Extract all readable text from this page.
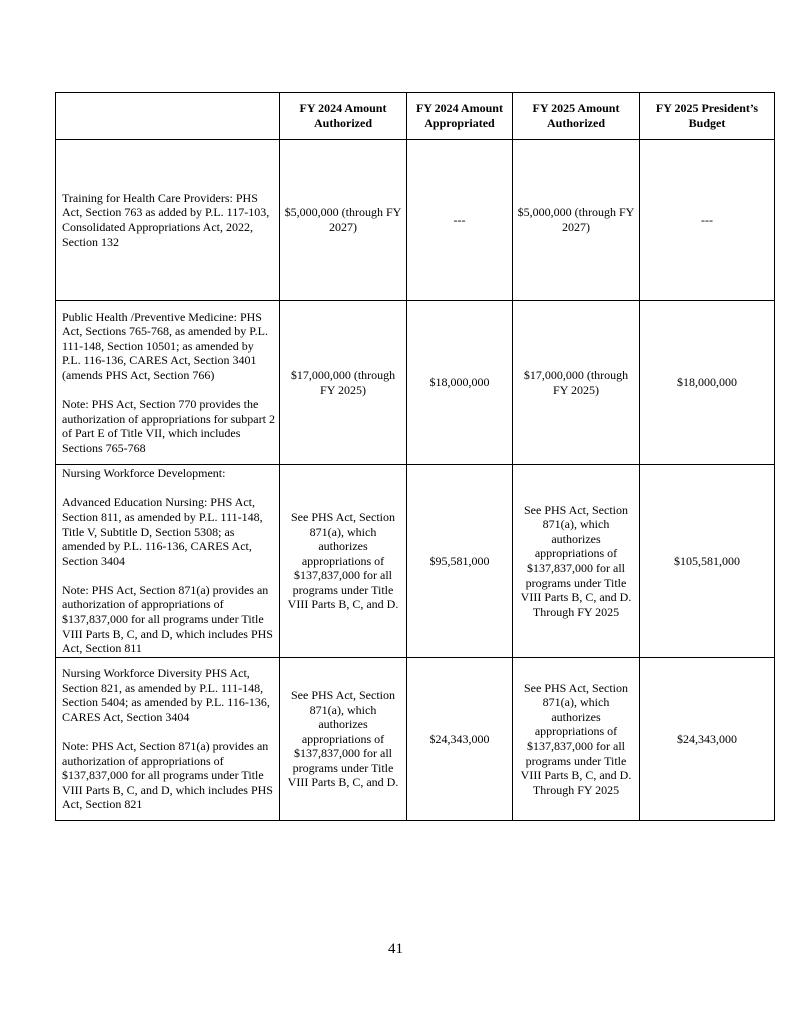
	FY 2024 Amount Authorized	FY 2024 Amount Appropriated	FY 2025 Amount Authorized	FY 2025 President’s Budget

Training for Health Care Providers: PHS Act, Section 763 as added by P.L. 117-103, Consolidated Appropriations Act, 2022, Section 132	$5,000,000 (through FY 2027)	---	$5,000,000 (through FY 2027)	---

Public Health /Preventive Medicine: PHS Act, Sections 765-768, as amended by P.L. 111-148, Section 10501; as amended by P.L. 116-136, CARES Act, Section 3401 (amends PHS Act, Section 766)
Note: PHS Act, Section 770 provides the authorization of appropriations for subpart 2 of Part E of Title VII, which includes Sections 765-768	$17,000,000 (through FY 2025)	$18,000,000	$17,000,000 (through FY 2025)	$18,000,000

Nursing Workforce Development:
Advanced Education Nursing: PHS Act, Section 811, as amended by P.L. 111-148, Title V, Subtitle D, Section 5308; as amended by P.L. 116-136, CARES Act, Section 3404
Note: PHS Act, Section 871(a) provides an authorization of appropriations of $137,837,000 for all programs under Title VIII Parts B, C, and D, which includes PHS Act, Section 811	See PHS Act, Section 871(a), which authorizes appropriations of $137,837,000 for all programs under Title VIII Parts B, C, and D.	$95,581,000	See PHS Act, Section 871(a), which authorizes appropriations of $137,837,000 for all programs under Title VIII Parts B, C, and D. Through FY 2025	$105,581,000

Nursing Workforce Diversity PHS Act, Section 821, as amended by P.L. 111-148, Section 5404; as amended by P.L. 116-136, CARES Act, Section 3404
Note: PHS Act, Section 871(a) provides an authorization of appropriations of $137,837,000 for all programs under Title VIII Parts B, C, and D, which includes PHS Act, Section 821	See PHS Act, Section 871(a), which authorizes appropriations of $137,837,000 for all programs under Title VIII Parts B, C, and D.	$24,343,000	See PHS Act, Section 871(a), which authorizes appropriations of $137,837,000 for all programs under Title VIII Parts B, C, and D. Through FY 2025	$24,343,000
41
